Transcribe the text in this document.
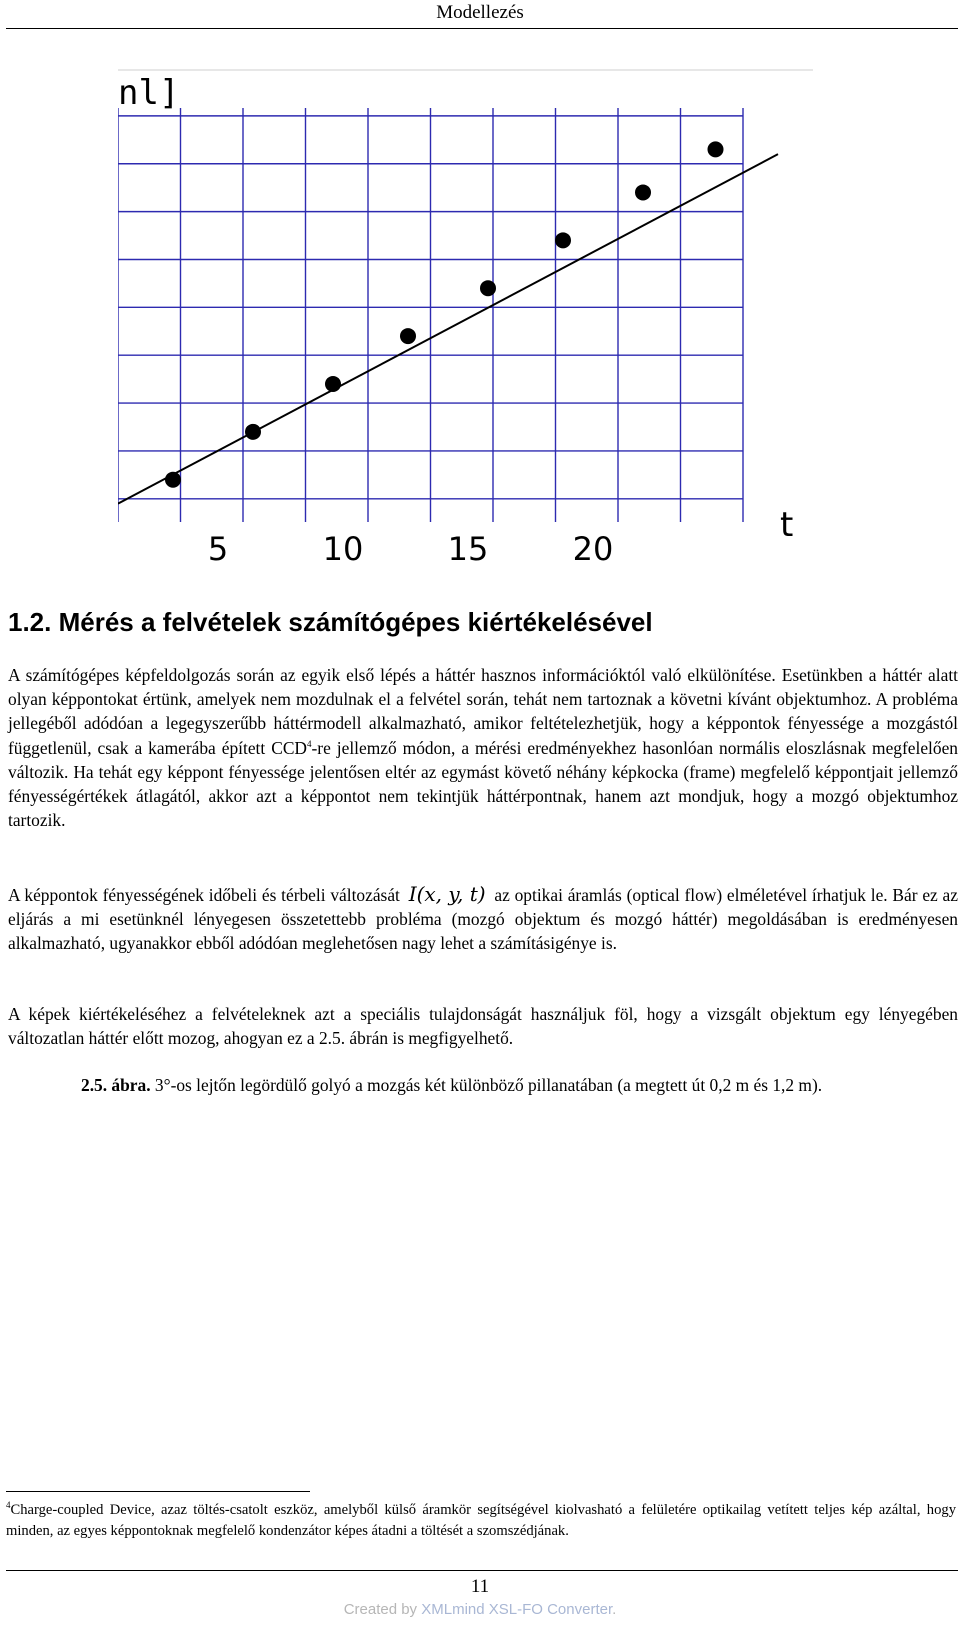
Modellezés
5	10	15	20
nl]
t
1.2. Mérés a felvételek számítógépes kiértékelésével

A számítógépes képfeldolgozás során az egyik első lépés a háttér hasznos információktól való elkülönítése. Esetünkben a háttér alatt olyan képpontokat értünk, amelyek nem mozdulnak el a felvétel során, tehát nem tartoznak a követni kívánt objektumhoz. A probléma jellegéből adódóan a legegyszerűbb háttérmodell alkalmazható, amikor feltételezhetjük, hogy a képpontok fényessége a mozgástól függetlenül, csak a kamerába épített CCD$^4$-re jellemző módon, a mérési eredményekhez hasonlóan normális eloszlásnak megfelelően változik. Ha tehát egy képpont fényessége jelentősen eltér az egymást követő néhány képkocka (frame) megfelelő képpontjait jellemző fényességértékek átlagától, akkor azt a képpontot nem tekintjük háttérpontnak, hanem azt mondjuk, hogy a mozgó objektumhoz tartozik.

A képpontok fényességének időbeli és térbeli változását I(x, y, t) az optikai áramlás (optical flow) elméletével írhatjuk le. Bár ez az eljárás a mi esetünknél lényegesen összetettebb probléma (mozgó objektum és mozgó háttér) megoldásában is eredményesen alkalmazható, ugyanakkor ebből adódóan meglehetősen nagy lehet a számításigénye is.

A képek kiértékeléséhez a felvételeknek azt a speciális tulajdonságát használjuk föl, hogy a vizsgált objektum egy lényegében változatlan háttér előtt mozog, ahogyan ez a 2.5. ábrán is megfigyelhető.

2.5. ábra. 3°-os lejtőn legördülő golyó a mozgás két különböző pillanatában (a megtett út 0,2 m és 1,2 m).

$^4$Charge-coupled Device, azaz töltés-csatolt eszköz, amelyből külső áramkör segítségével kiolvasható a felületére optikailag vetített teljes kép azáltal, hogy minden, az egyes képpontoknak megfelelő kondenzátor képes átadni a töltését a szomszédjának.

11
Created by XMLmind XSL-FO Converter.
